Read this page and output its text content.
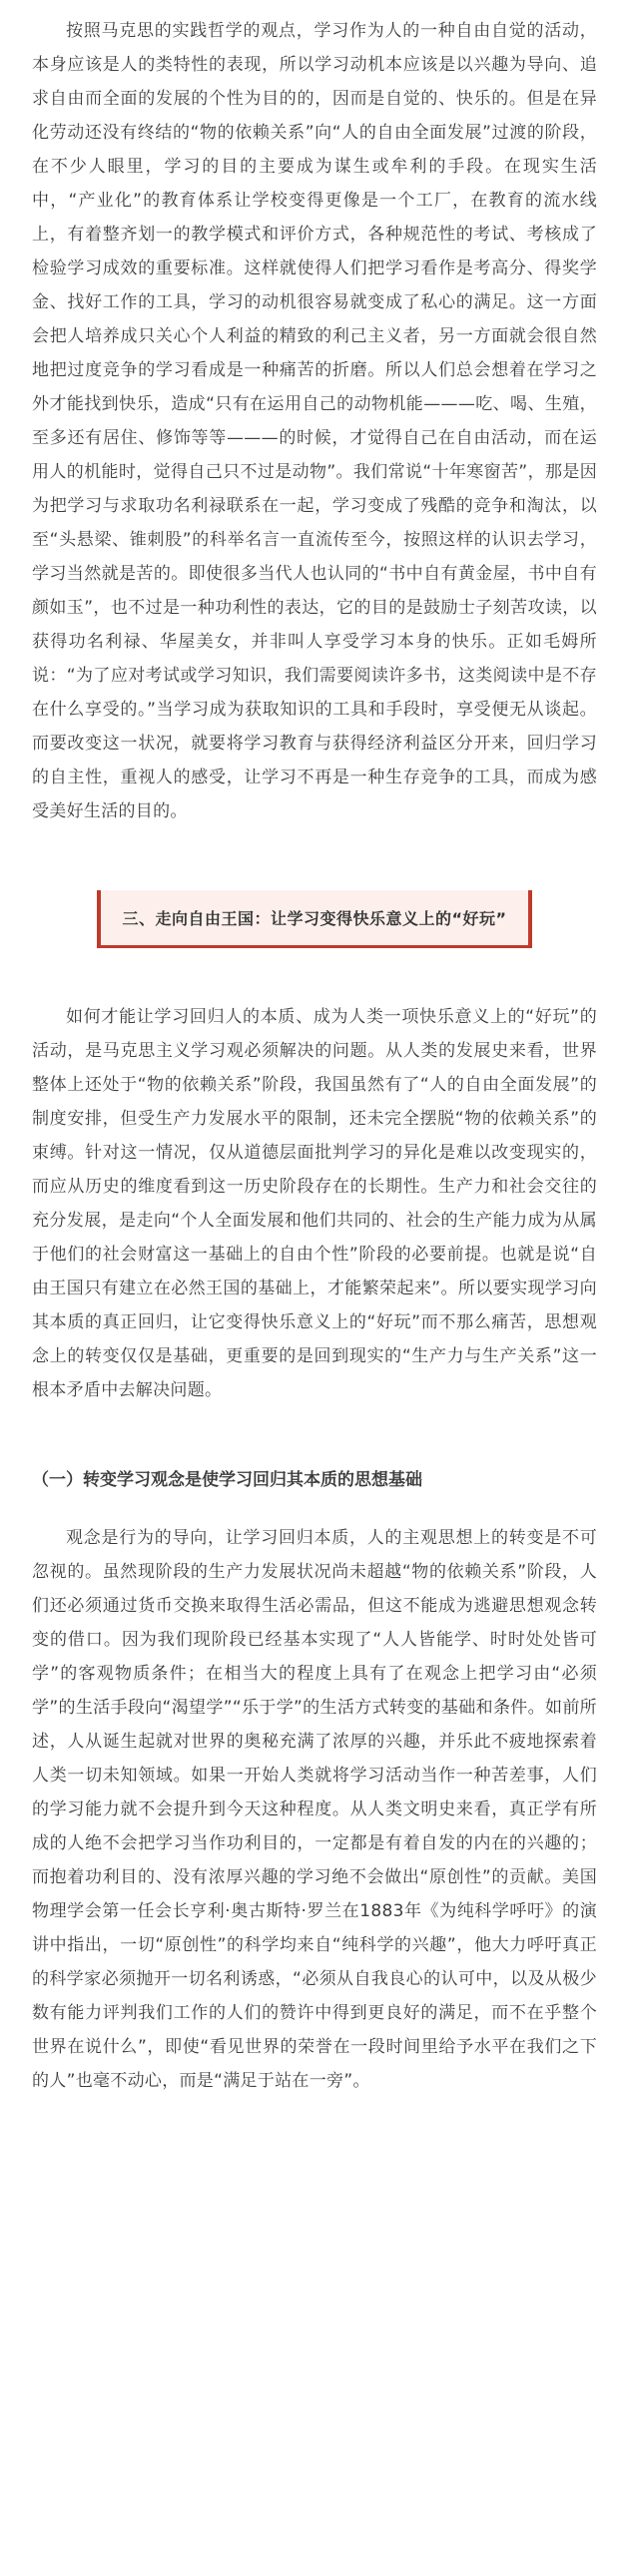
按照马克思的实践哲学的观点，学习作为人的一种自由自觉的活动，本身应该是人的类特性的表现，所以学习动机本应该是以兴趣为导向、追求自由而全面的发展的个性为目的的，因而是自觉的、快乐的。但是在异化劳动还没有终结的“物的依赖关系”向“人的自由全面发展”过渡的阶段，在不少人眼里，学习的目的主要成为谋生或牟利的手段。在现实生活中，“产业化”的教育体系让学校变得更像是一个工厂，在教育的流水线上，有着整齐划一的教学模式和评价方式，各种规范性的考试、考核成了检验学习成效的重要标准。这样就使得人们把学习看作是考高分、得奖学金、找好工作的工具，学习的动机很容易就变成了私心的满足。这一方面会把人培养成只关心个人利益的精致的利己主义者，另一方面就会很自然地把过度竞争的学习看成是一种痛苦的折磨。所以人们总会想着在学习之外才能找到快乐，造成“只有在运用自己的动物机能———吃、喝、生殖，至多还有居住、修饰等等———的时候，才觉得自己在自由活动，而在运用人的机能时，觉得自己只不过是动物”。我们常说“十年寒窗苦”，那是因为把学习与求取功名利禄联系在一起，学习变成了残酷的竞争和淘汰，以至“头悬梁、锥刺股”的科举名言一直流传至今，按照这样的认识去学习，学习当然就是苦的。即使很多当代人也认同的“书中自有黄金屋，书中自有颜如玉”，也不过是一种功利性的表达，它的目的是鼓励士子刻苦攻读，以获得功名利禄、华屋美女，并非叫人享受学习本身的快乐。正如毛姆所说：“为了应对考试或学习知识，我们需要阅读许多书，这类阅读中是不存在什么享受的。”当学习成为获取知识的工具和手段时，享受便无从谈起。而要改变这一状况，就要将学习教育与获得经济利益区分开来，回归学习的自主性，重视人的感受，让学习不再是一种生存竞争的工具，而成为感受美好生活的目的。

三、走向自由王国：让学习变得快乐意义上的“好玩”

如何才能让学习回归人的本质、成为人类一项快乐意义上的“好玩”的活动，是马克思主义学习观必须解决的问题。从人类的发展史来看，世界整体上还处于“物的依赖关系”阶段，我国虽然有了“人的自由全面发展”的制度安排，但受生产力发展水平的限制，还未完全摆脱“物的依赖关系”的束缚。针对这一情况，仅从道德层面批判学习的异化是难以改变现实的，而应从历史的维度看到这一历史阶段存在的长期性。生产力和社会交往的充分发展，是走向“个人全面发展和他们共同的、社会的生产能力成为从属于他们的社会财富这一基础上的自由个性”阶段的必要前提。也就是说“自由王国只有建立在必然王国的基础上，才能繁荣起来”。所以要实现学习向其本质的真正回归，让它变得快乐意义上的“好玩”而不那么痛苦，思想观念上的转变仅仅是基础，更重要的是回到现实的“生产力与生产关系”这一根本矛盾中去解决问题。

（一）转变学习观念是使学习回归其本质的思想基础

观念是行为的导向，让学习回归本质，人的主观思想上的转变是不可忽视的。虽然现阶段的生产力发展状况尚未超越“物的依赖关系”阶段，人们还必须通过货币交换来取得生活必需品，但这不能成为逃避思想观念转变的借口。因为我们现阶段已经基本实现了“人人皆能学、时时处处皆可学”的客观物质条件；在相当大的程度上具有了在观念上把学习由“必须学”的生活手段向“渴望学”“乐于学”的生活方式转变的基础和条件。如前所述，人从诞生起就对世界的奥秘充满了浓厚的兴趣，并乐此不疲地探索着人类一切未知领域。如果一开始人类就将学习活动当作一种苦差事，人们的学习能力就不会提升到今天这种程度。从人类文明史来看，真正学有所成的人绝不会把学习当作功利目的，一定都是有着自发的内在的兴趣的；而抱着功利目的、没有浓厚兴趣的学习绝不会做出“原创性”的贡献。美国物理学会第一任会长亨利·奥古斯特·罗兰在1883年《为纯科学呼吁》的演讲中指出，一切“原创性”的科学均来自“纯科学的兴趣”，他大力呼吁真正的科学家必须抛开一切名利诱惑，“必须从自我良心的认可中，以及从极少数有能力评判我们工作的人们的赞许中得到更良好的满足，而不在乎整个世界在说什么”，即使“看见世界的荣誉在一段时间里给予水平在我们之下的人”也毫不动心，而是“满足于站在一旁”。
